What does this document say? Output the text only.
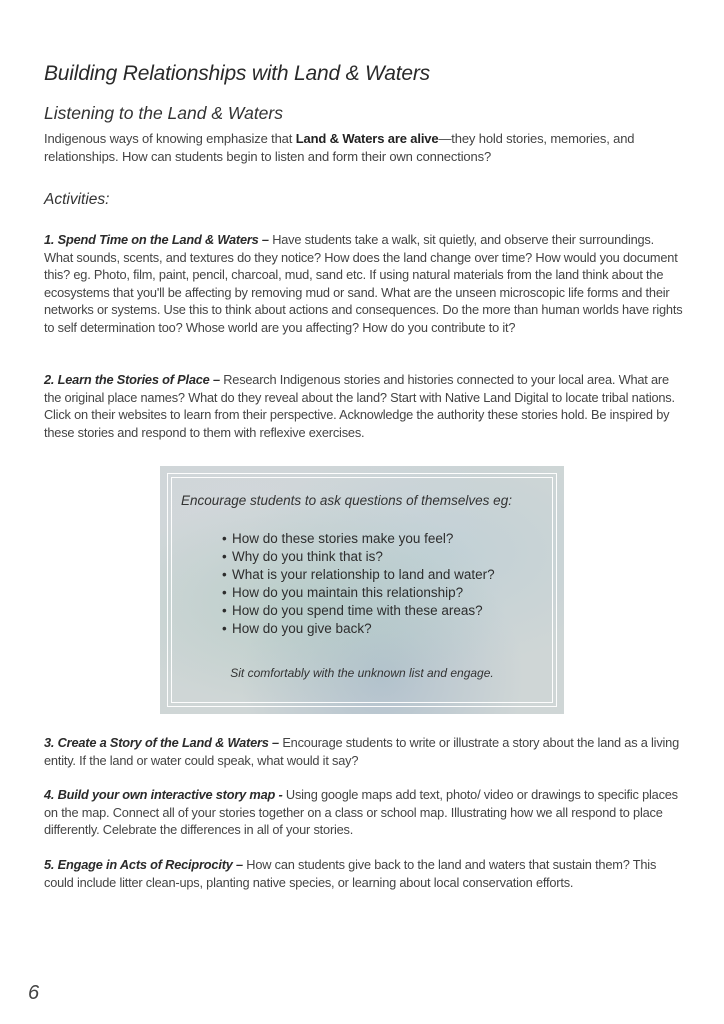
Building Relationships with Land & Waters
Listening to the Land & Waters

Indigenous ways of knowing emphasize that Land & Waters are alive—they hold stories, memories, and relationships. How can students begin to listen and form their own connections?

Activities:

1. Spend Time on the Land & Waters – Have students take a walk, sit quietly, and observe their surroundings. What sounds, scents, and textures do they notice? How does the land change over time? How would you document this? eg. Photo, film, paint, pencil, charcoal, mud, sand etc. If using natural materials from the land think about the ecosystems that you'll be affecting by removing mud or sand. What are the unseen microscopic life forms and their networks or systems. Use this to think about actions and consequences. Do the more than human worlds have rights to self determination too? Whose world are you affecting? How do you contribute to it?

2. Learn the Stories of Place – Research Indigenous stories and histories connected to your local area. What are the original place names? What do they reveal about the land? Start with Native Land Digital to locate tribal nations. Click on their websites to learn from their perspective. Acknowledge the authority these stories hold. Be inspired by these stories and respond to them with reflexive exercises.

3. Create a Story of the Land & Waters – Encourage students to write or illustrate a story about the land as a living entity. If the land or water could speak, what would it say?

4. Build your own interactive story map - Using google maps add text, photo/ video or drawings to specific places on the map. Connect all of your stories together on a class or school map. Illustrating how we all respond to place differently. Celebrate the differences in all of your stories.

5. Engage in Acts of Reciprocity – How can students give back to the land and waters that sustain them? This could include litter clean-ups, planting native species, or learning about local conservation efforts.

Encourage students to ask questions of themselves eg:

• How do these stories make you feel?
• Why do you think that is?
• What is your relationship to land and water?
• How do you maintain this relationship?
• How do you spend time with these areas?
• How do you give back?

Sit comfortably with the unknown list and engage.

6
